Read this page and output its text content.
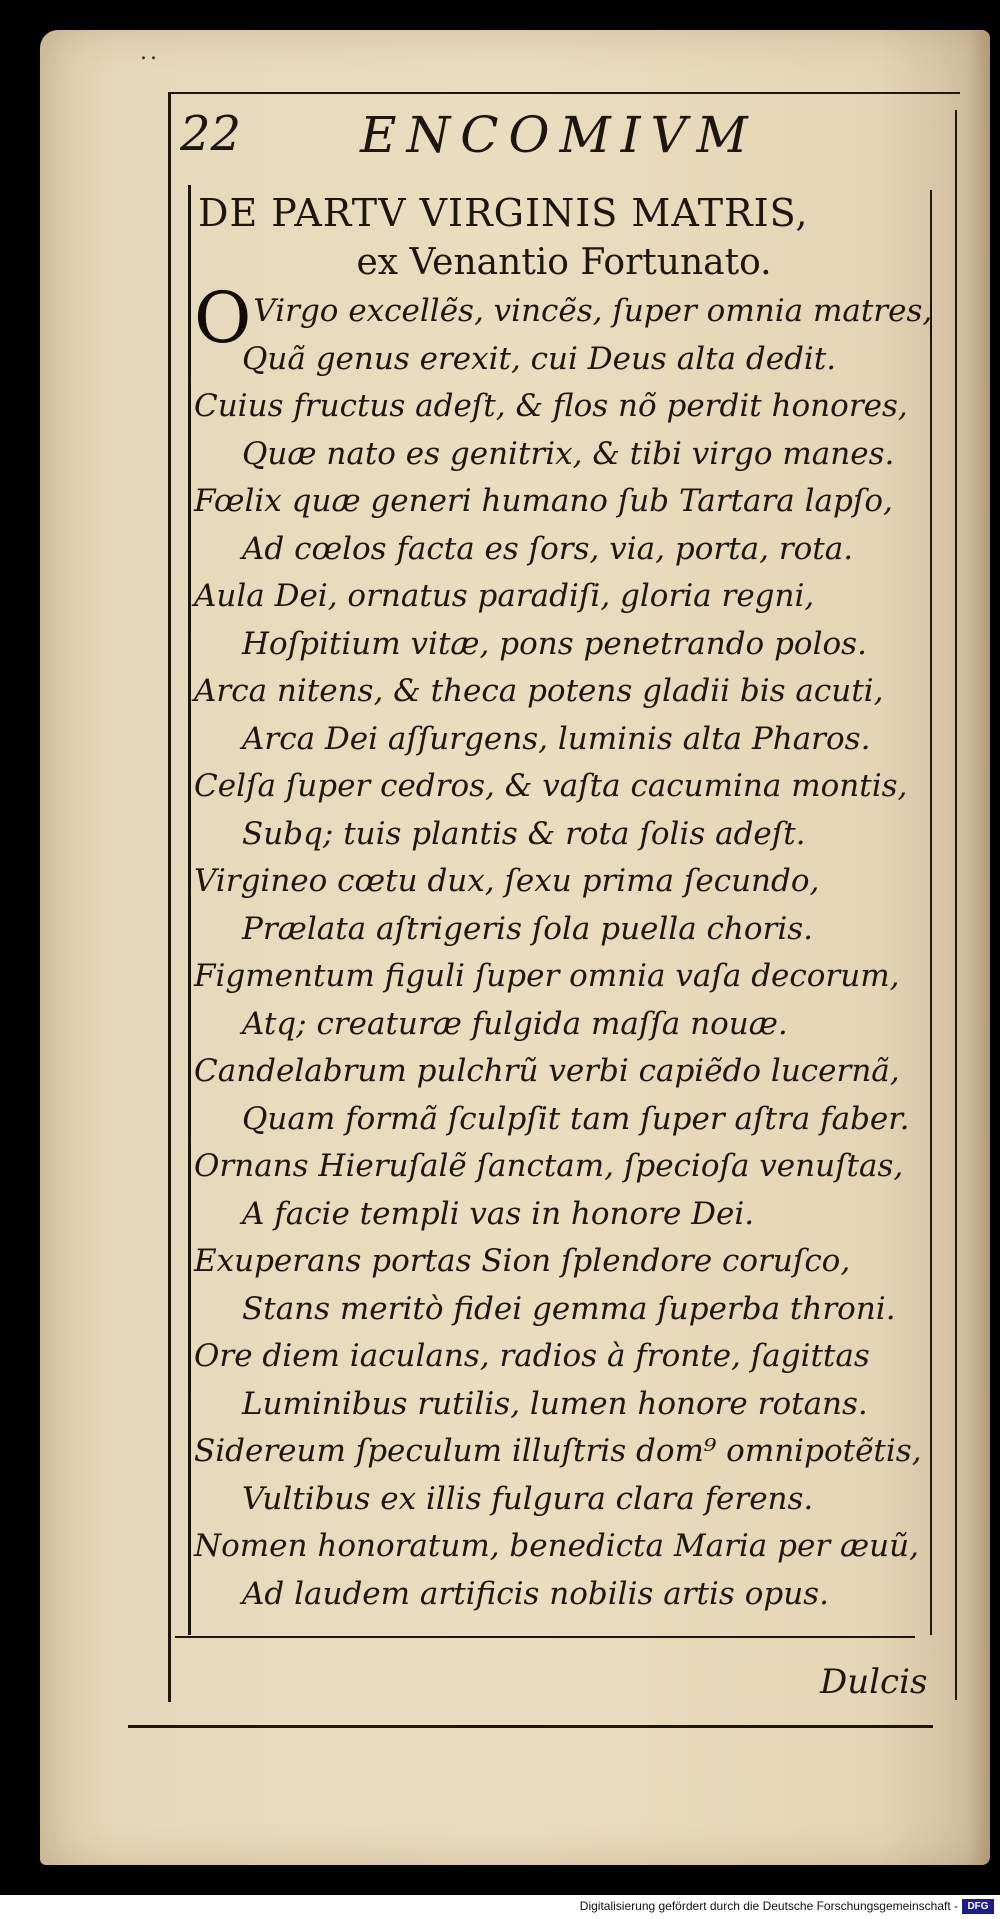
..
22 ENCOMIVM
DE PARTV VIRGINIS MATRIS,
ex Venantio Fortunato.
OVirgo excellẽs, vincẽs, ſuper omnia matres,
Quã genus erexit, cui Deus alta dedit.
Cuius fructus adeſt, & flos nõ perdit honores,
Quæ nato es genitrix, & tibi virgo manes.
Fœlix quæ generi humano ſub Tartara lapſo,
Ad cœlos facta es ſors, via, porta, rota.
Aula Dei, ornatus paradiſi, gloria regni,
Hoſpitium vitæ, pons penetrando polos.
Arca nitens, & theca potens gladii bis acuti,
Arca Dei aſſurgens, luminis alta Pharos.
Celſa ſuper cedros, & vaſta cacumina montis,
Subq; tuis plantis & rota ſolis adeſt.
Virgineo cœtu dux, ſexu prima ſecundo,
Prælata aſtrigeris ſola puella choris.
Figmentum figuli ſuper omnia vaſa decorum,
Atq; creaturæ fulgida maſſa nouæ.
Candelabrum pulchrũ verbi capiẽdo lucernã,
Quam formã ſculpſit tam ſuper aſtra faber.
Ornans Hieruſalẽ ſanctam, ſpecioſa venuſtas,
A facie templi vas in honore Dei.
Exuperans portas Sion ſplendore coruſco,
Stans meritò fidei gemma ſuperba throni.
Ore diem iaculans, radios à fronte, ſagittas
Luminibus rutilis, lumen honore rotans.
Sidereum ſpeculum illuſtris dom⁹ omnipotẽtis,
Vultibus ex illis fulgura clara ferens.
Nomen honoratum, benedicta Maria per æuũ,
Ad laudem artificis nobilis artis opus.
Dulcis
Digitalisierung gefördert durch die Deutsche Forschungsgemeinschaft - DFG
